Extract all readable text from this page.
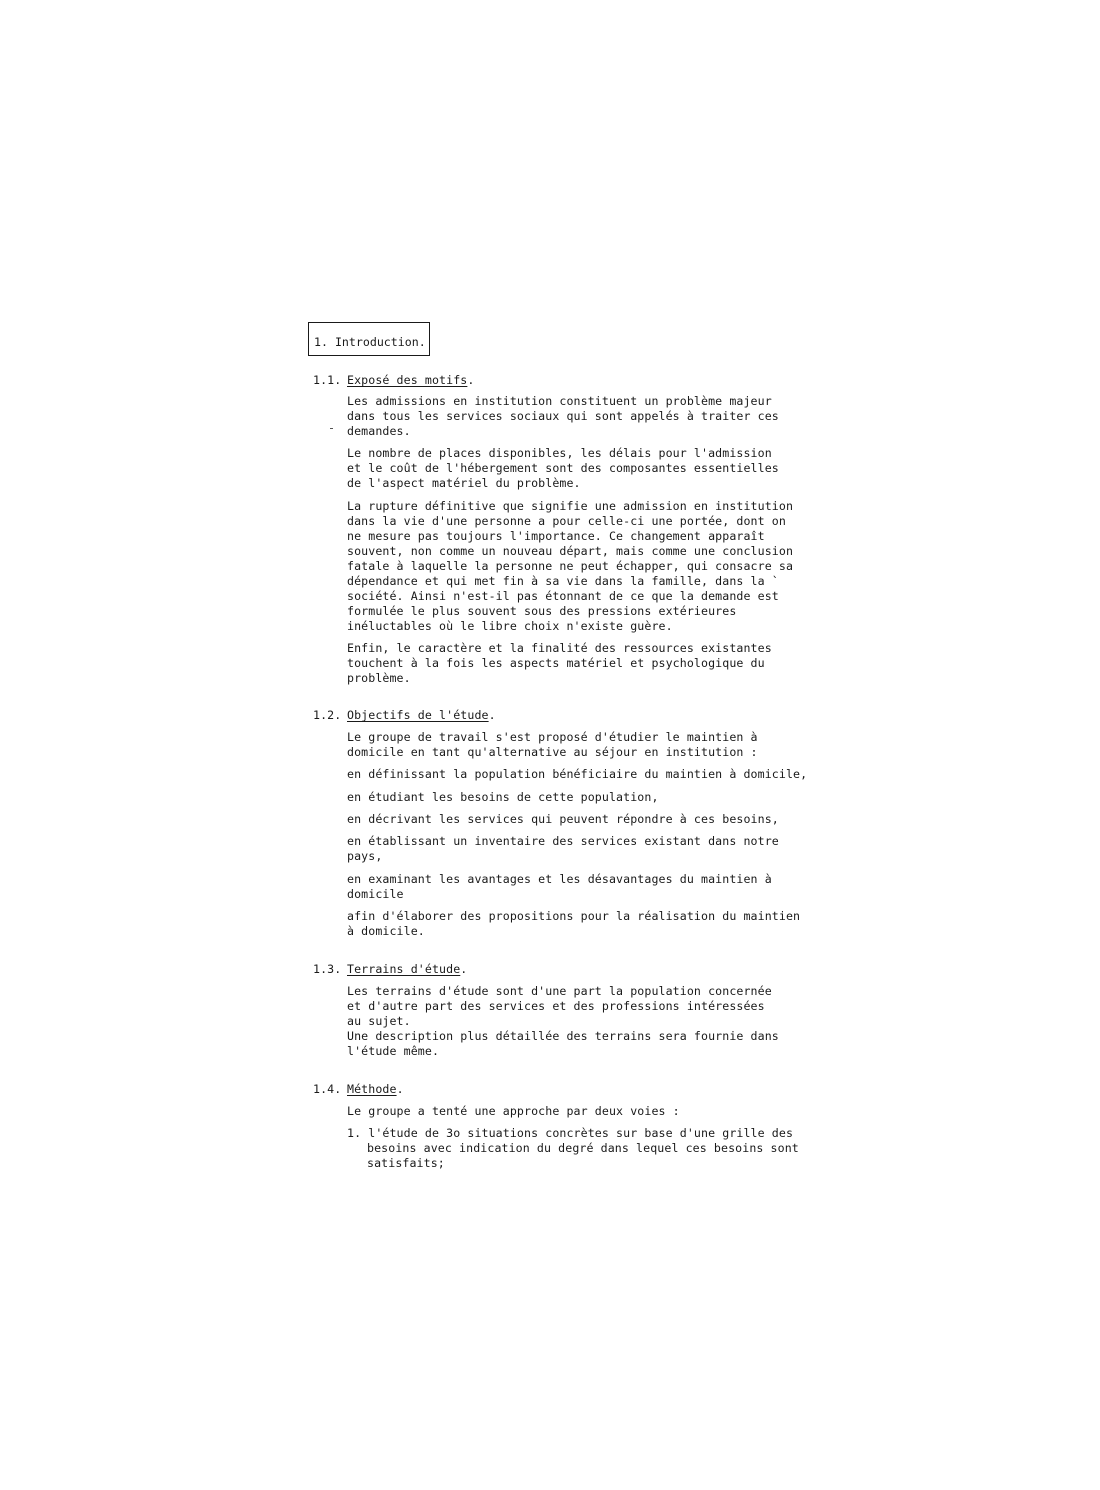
1. Introduction.
1.1. Exposé des motifs.
Les admissions en institution constituent un problème majeur
dans tous les services sociaux qui sont appelés à traiter ces
demandes.
Le nombre de places disponibles, les délais pour l'admission
et le coût de l'hébergement sont des composantes essentielles
de l'aspect matériel du problème.
La rupture définitive que signifie une admission en institution
dans la vie d'une personne a pour celle-ci une portée, dont on
ne mesure pas toujours l'importance. Ce changement apparaît
souvent, non comme un nouveau départ, mais comme une conclusion
fatale à laquelle la personne ne peut échapper, qui consacre sa
dépendance et qui met fin à sa vie dans la famille, dans la `
société. Ainsi n'est-il pas étonnant de ce que la demande est
formulée le plus souvent sous des pressions extérieures
inéluctables où le libre choix n'existe guère.
Enfin, le caractère et la finalité des ressources existantes
touchent à la fois les aspects matériel et psychologique du
problème.
1.2. Objectifs de l'étude.
Le groupe de travail s'est proposé d'étudier le maintien à
domicile en tant qu'alternative au séjour en institution :
en définissant la population bénéficiaire du maintien à domicile,
en étudiant les besoins de cette population,
en décrivant les services qui peuvent répondre à ces besoins,
en établissant un inventaire des services existant dans notre
pays,
en examinant les avantages et les désavantages du maintien à
domicile
afin d'élaborer des propositions pour la réalisation du maintien
à domicile.
1.3. Terrains d'étude.
Les terrains d'étude sont d'une part la population concernée
et d'autre part des services et des professions intéressées
au sujet.
Une description plus détaillée des terrains sera fournie dans
l'étude même.
1.4. Méthode.
Le groupe a tenté une approche par deux voies :
1. l'étude de 3o situations concrètes sur base d'une grille des
besoins avec indication du degré dans lequel ces besoins sont
satisfaits;
